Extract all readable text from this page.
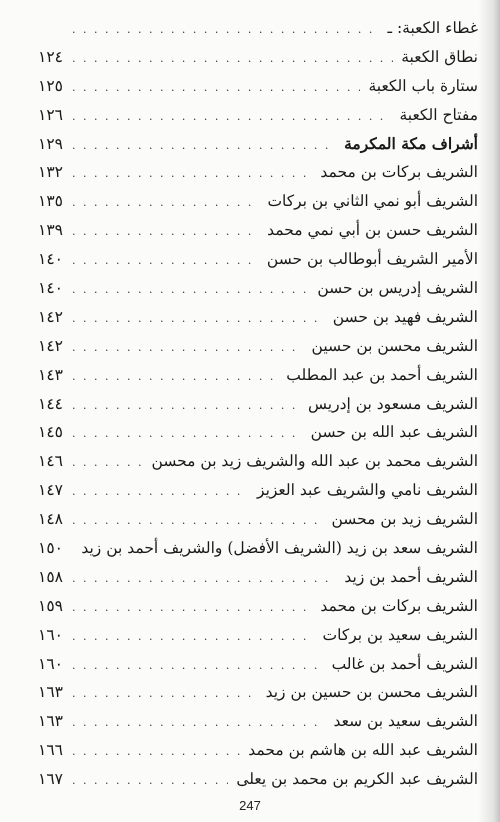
غطاء الكعبة: ـ
. . .
نطاق الكعبة
. . .
١٢٤
ستارة باب الكعبة
. . .
١٢٥
مفتاح الكعبة
. . .
١٢٦
أشراف مكة المكرمة
. . .
١٢٩
الشريف بركات بن محمد
. . .
١٣٢
الشريف أبو نمي الثاني بن بركات
. . .
١٣٥
الشريف حسن بن أبي نمي محمد
. . .
١٣٩
الأمير الشريف أبوطالب بن حسن
. . .
١٤٠
الشريف إدريس بن حسن
. . .
١٤٠
الشريف فهيد بن حسن
. . .
١٤٢
الشريف محسن بن حسين
. . .
١٤٢
الشريف أحمد بن عبد المطلب
. . .
١٤٣
الشريف مسعود بن إدريس
. . .
١٤٤
الشريف عبد الله بن حسن
. . .
١٤٥
الشريف محمد بن عبد الله والشريف زيد بن محسن
. . .
١٤٦
الشريف نامي والشريف عبد العزيز
. . .
١٤٧
الشريف زيد بن محسن
. . .
١٤٨
الشريف سعد بن زيد (الشريف الأفضل) والشريف أحمد بن زيد
. . .
١٥٠
الشريف أحمد بن زيد
. . .
١٥٨
الشريف بركات بن محمد
. . .
١٥٩
الشريف سعيد بن بركات
. . .
١٦٠
الشريف أحمد بن غالب
. . .
١٦٠
الشريف محسن بن حسين بن زيد
. . .
١٦٣
الشريف سعيد بن سعد
. . .
١٦٣
الشريف عبد الله بن هاشم بن محمد
. . .
١٦٦
الشريف عبد الكريم بن محمد بن يعلى
. . .
١٦٧
247
